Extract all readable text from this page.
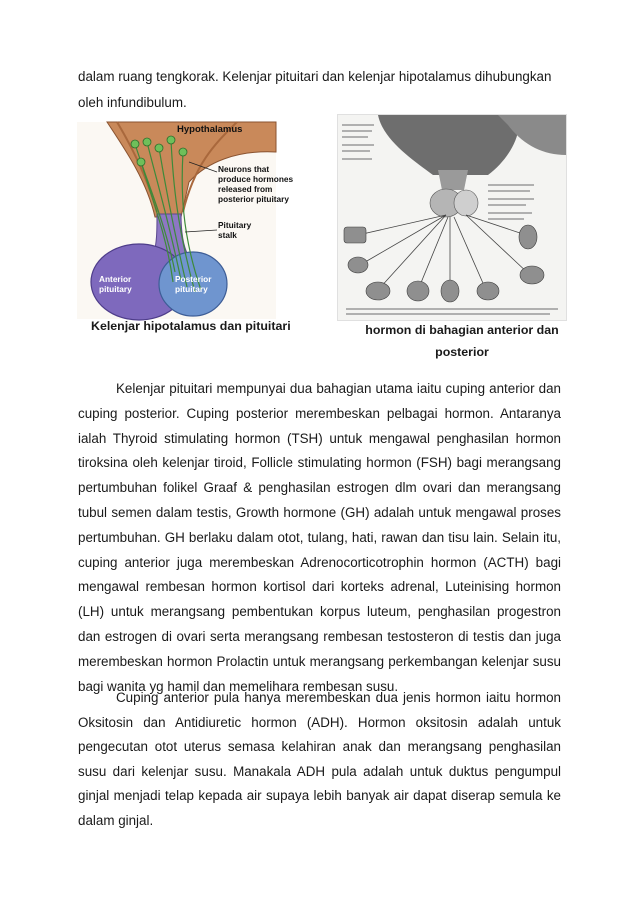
dalam ruang tengkorak. Kelenjar pituitari dan kelenjar hipotalamus dihubungkan oleh infundibulum.

Hypothalamus
Neurons that produce hormones released from posterior pituitary
Pituitary stalk
Anterior pituitary
Posterior pituitary

Kelenjar hipotalamus dan pituitari	hormon di bahagian anterior dan posterior

Kelenjar pituitari mempunyai dua bahagian utama iaitu cuping anterior dan cuping posterior. Cuping posterior merembeskan pelbagai hormon. Antaranya ialah Thyroid stimulating hormon (TSH) untuk mengawal penghasilan hormon tiroksina oleh kelenjar tiroid, Follicle stimulating hormon (FSH) bagi merangsang pertumbuhan folikel Graaf & penghasilan estrogen dlm ovari dan merangsang tubul semen dalam testis, Growth hormone (GH) adalah untuk mengawal proses pertumbuhan. GH berlaku dalam otot, tulang, hati, rawan dan tisu lain. Selain itu, cuping anterior juga merembeskan Adrenocorticotrophin hormon (ACTH) bagi mengawal rembesan hormon kortisol dari korteks adrenal, Luteinising hormon (LH) untuk merangsang pembentukan korpus luteum, penghasilan progestron dan estrogen di ovari serta merangsang rembesan testosteron di testis dan juga merembeskan hormon Prolactin untuk merangsang perkembangan kelenjar susu bagi wanita yg hamil dan memelihara rembesan susu.

Cuping anterior pula hanya merembeskan dua jenis hormon iaitu hormon Oksitosin dan Antidiuretic hormon (ADH). Hormon oksitosin adalah untuk pengecutan otot uterus semasa kelahiran anak dan merangsang penghasilan susu dari kelenjar susu. Manakala ADH pula adalah untuk duktus pengumpul ginjal menjadi telap kepada air supaya lebih banyak air dapat diserap semula ke dalam ginjal.
